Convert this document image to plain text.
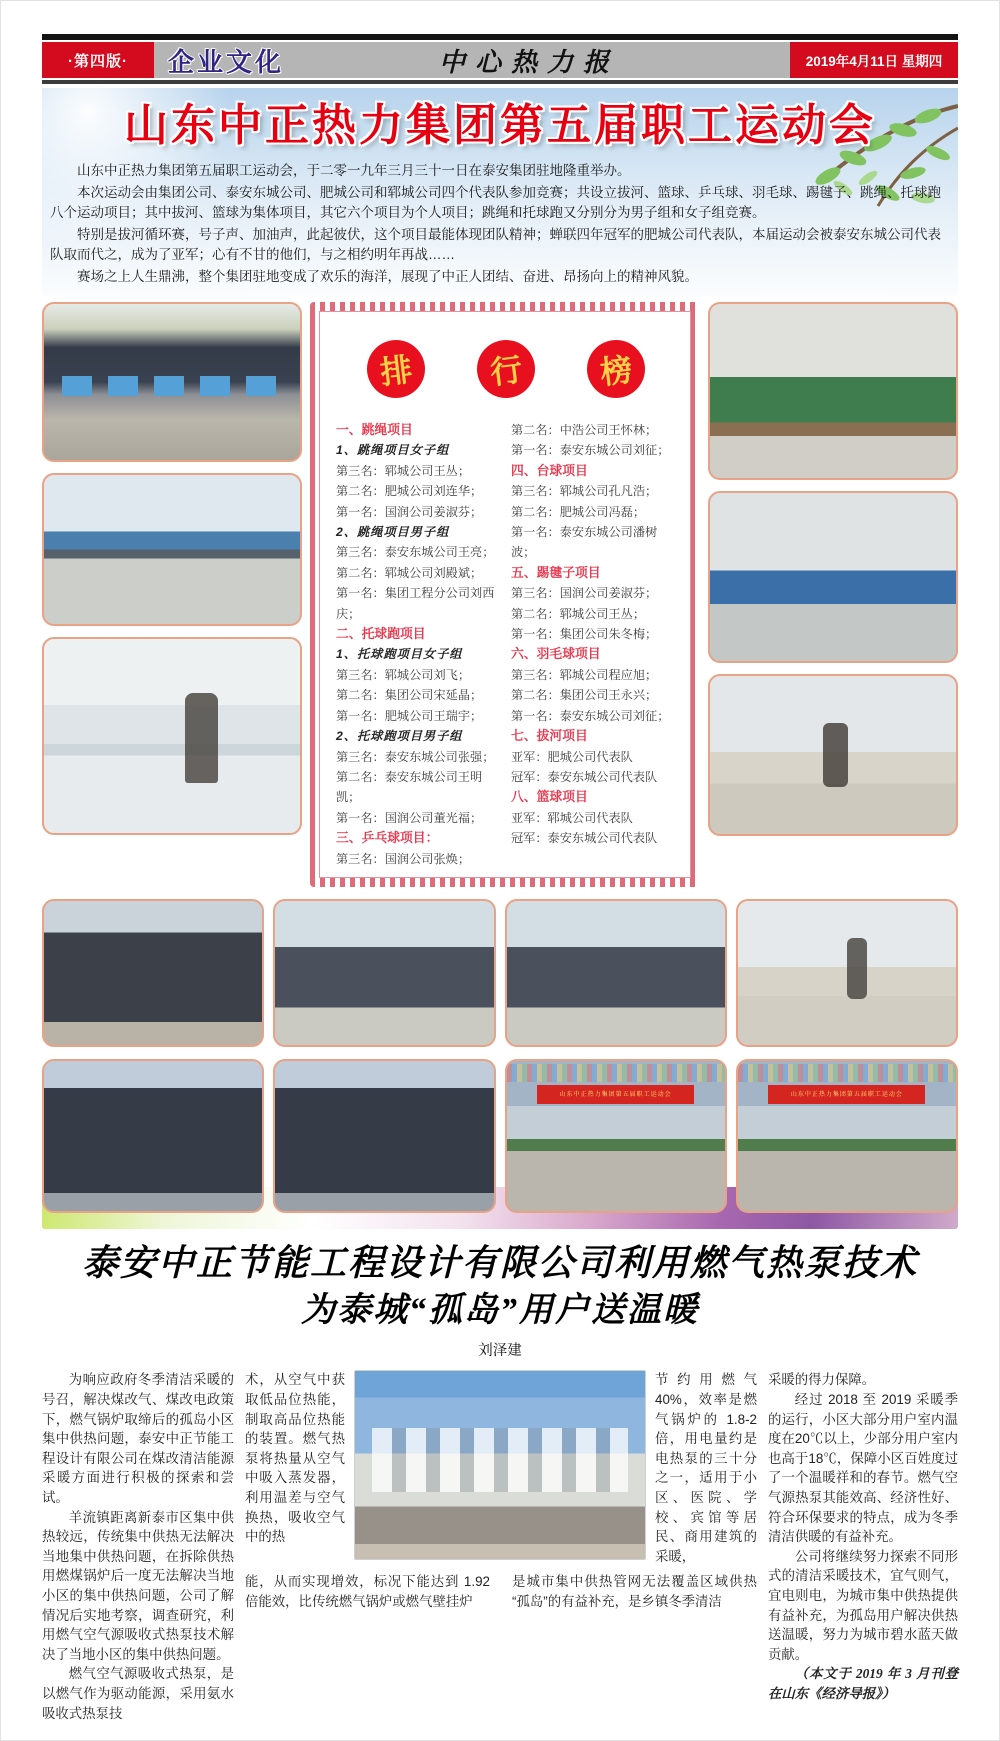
·第四版·	企业文化	中心热力报	2019年4月11日 星期四
山东中正热力集团第五届职工运动会

山东中正热力集团第五届职工运动会，于二零一九年三月三十一日在泰安集团驻地隆重举办。

本次运动会由集团公司、泰安东城公司、肥城公司和郓城公司四个代表队参加竞赛；共设立拔河、篮球、乒乓球、羽毛球、踢毽子、跳绳、托球跑八个运动项目；其中拔河、篮球为集体项目，其它六个项目为个人项目；跳绳和托球跑又分别分为男子组和女子组竞赛。

特别是拔河循环赛，号子声、加油声，此起彼伏，这个项目最能体现团队精神；蝉联四年冠军的肥城公司代表队，本届运动会被泰安东城公司代表队取而代之，成为了亚军；心有不甘的他们，与之相约明年再战……

赛场之上人生鼎沸，整个集团驻地变成了欢乐的海洋，展现了中正人团结、奋进、昂扬向上的精神风貌。

排	行	榜
一、跳绳项目
1、跳绳项目女子组
第三名：郓城公司王丛；
第二名：肥城公司刘连华；
第一名：国润公司姜淑芬；
2、跳绳项目男子组
第三名：泰安东城公司王亮；
第二名：郓城公司刘殿斌；
第一名：集团工程分公司刘西庆；
二、托球跑项目
1、托球跑项目女子组
第三名：郓城公司刘飞；
第二名：集团公司宋延晶；
第一名：肥城公司王瑞宇；
2、托球跑项目男子组
第三名：泰安东城公司张强；
第二名：泰安东城公司王明凯；
第一名：国润公司董光福；
三、乒乓球项目：
第三名：国润公司张焕；
第二名：中浩公司王怀林；
第一名：泰安东城公司刘征；
四、台球项目
第三名：郓城公司孔凡浩；
第二名：肥城公司冯磊；
第一名：泰安东城公司潘树波；
五、踢毽子项目
第三名：国润公司姜淑芬；
第二名：郓城公司王丛；
第一名：集团公司朱冬梅；
六、羽毛球项目
第三名：郓城公司程应旭；
第二名：集团公司王永兴；
第一名：泰安东城公司刘征；
七、拔河项目
亚军：肥城公司代表队
冠军：泰安东城公司代表队
八、篮球项目
亚军：郓城公司代表队
冠军：泰安东城公司代表队
山东中正热力集团第五届职工运动会	山东中正热力集团第五届职工运动会
泰安中正节能工程设计有限公司利用燃气热泵技术
为泰城“孤岛”用户送温暖
刘泽建

为响应政府冬季清洁采暖的号召，解决煤改气、煤改电政策下，燃气锅炉取缔后的孤岛小区集中供热问题，泰安中正节能工程设计有限公司在煤改清洁能源采暖方面进行积极的探索和尝试。

羊流镇距离新泰市区集中供热较远，传统集中供热无法解决当地集中供热问题，在拆除供热用燃煤锅炉后一度无法解决当地小区的集中供热问题，公司了解情况后实地考察，调查研究，利用燃气空气源吸收式热泵技术解决了当地小区的集中供热问题。

燃气空气源吸收式热泵，是以燃气作为驱动能源，采用氨水吸收式热泵技

术，从空气中获取低品位热能，制取高品位热能的装置。燃气热泵将热量从空气中吸入蒸发器，利用温差与空气换热，吸收空气中的热
节约用燃气 40%，效率是燃气锅炉的 1.8-2 倍，用电量约是电热泵的三十分之一，适用于小区、医院、学校、宾馆等居民、商用建筑的采暖，
能，从而实现增效，标况下能达到 1.92 倍能效，比传统燃气锅炉或燃气壁挂炉
是城市集中供热管网无法覆盖区域供热“孤岛”的有益补充，是乡镇冬季清洁

采暖的得力保障。

经过 2018 至 2019 采暖季的运行，小区大部分用户室内温度在20℃以上，少部分用户室内也高于18℃，保障小区百姓度过了一个温暖祥和的春节。燃气空气源热泵其能效高、经济性好、符合环保要求的特点，成为冬季清洁供暖的有益补充。

公司将继续努力探索不同形式的清洁采暖技术，宜气则气，宜电则电，为城市集中供热提供有益补充，为孤岛用户解决供热送温暖，努力为城市碧水蓝天做贡献。

（本文于 2019 年 3 月刊登在山东《经济导报》）
